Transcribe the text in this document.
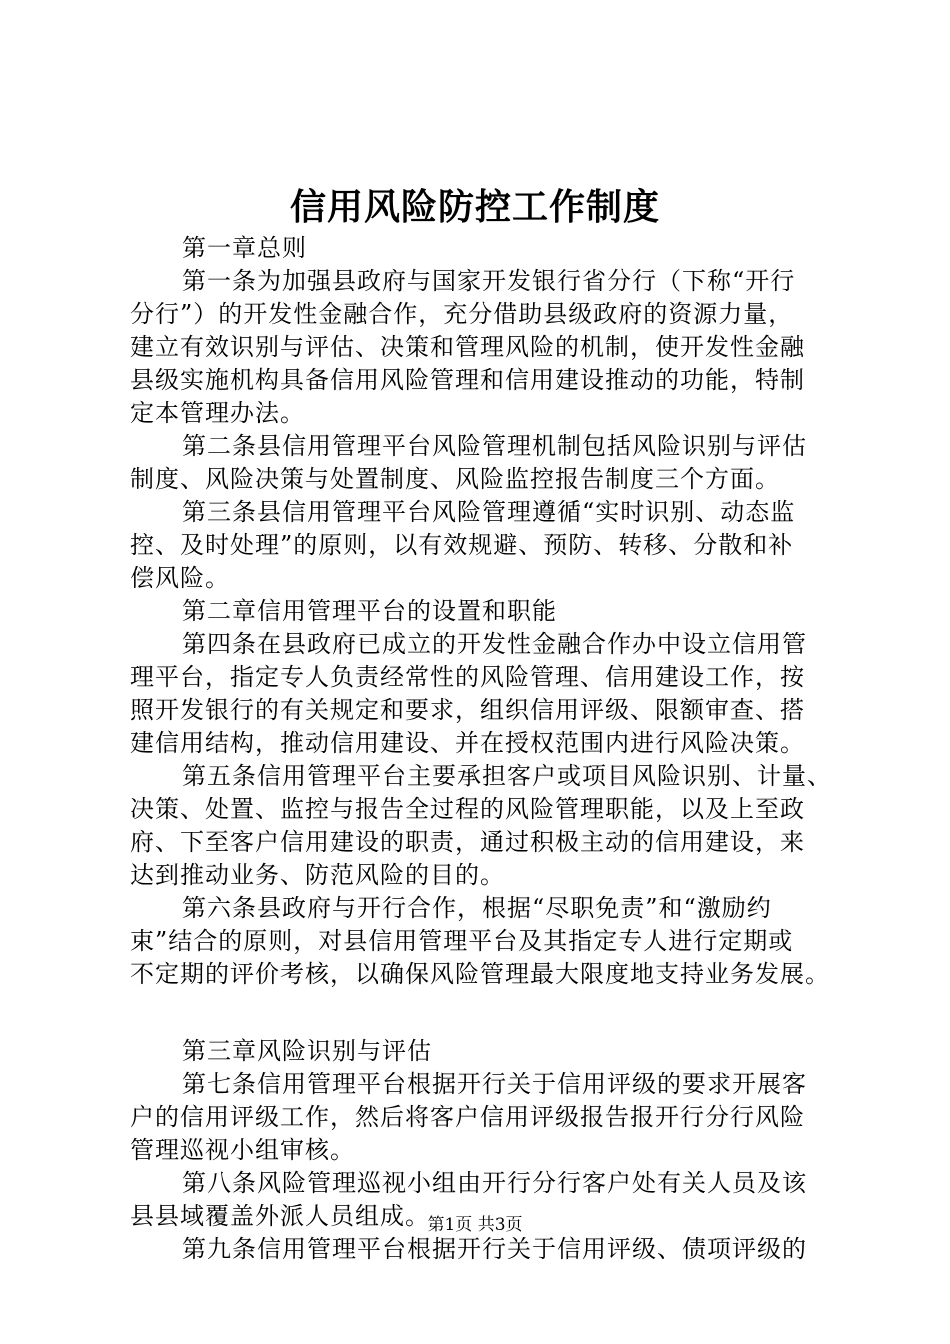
信用风险防控工作制度
第一章总则
第一条为加强县政府与国家开发银行省分行（下称“开行
分行”）的开发性金融合作，充分借助县级政府的资源力量，
建立有效识别与评估、决策和管理风险的机制，使开发性金融
县级实施机构具备信用风险管理和信用建设推动的功能，特制
定本管理办法。
第二条县信用管理平台风险管理机制包括风险识别与评估
制度、风险决策与处置制度、风险监控报告制度三个方面。
第三条县信用管理平台风险管理遵循“实时识别、动态监
控、及时处理”的原则，以有效规避、预防、转移、分散和补
偿风险。
第二章信用管理平台的设置和职能
第四条在县政府已成立的开发性金融合作办中设立信用管
理平台，指定专人负责经常性的风险管理、信用建设工作，按
照开发银行的有关规定和要求，组织信用评级、限额审查、搭
建信用结构，推动信用建设、并在授权范围内进行风险决策。
第五条信用管理平台主要承担客户或项目风险识别、计量、
决策、处置、监控与报告全过程的风险管理职能，以及上至政
府、下至客户信用建设的职责，通过积极主动的信用建设，来
达到推动业务、防范风险的目的。
第六条县政府与开行合作，根据“尽职免责”和“激励约
束”结合的原则，对县信用管理平台及其指定专人进行定期或
不定期的评价考核，以确保风险管理最大限度地支持业务发展。
第三章风险识别与评估
第七条信用管理平台根据开行关于信用评级的要求开展客
户的信用评级工作，然后将客户信用评级报告报开行分行风险
管理巡视小组审核。
第八条风险管理巡视小组由开行分行客户处有关人员及该
县县域覆盖外派人员组成。
第九条信用管理平台根据开行关于信用评级、债项评级的
第1页 共3页
